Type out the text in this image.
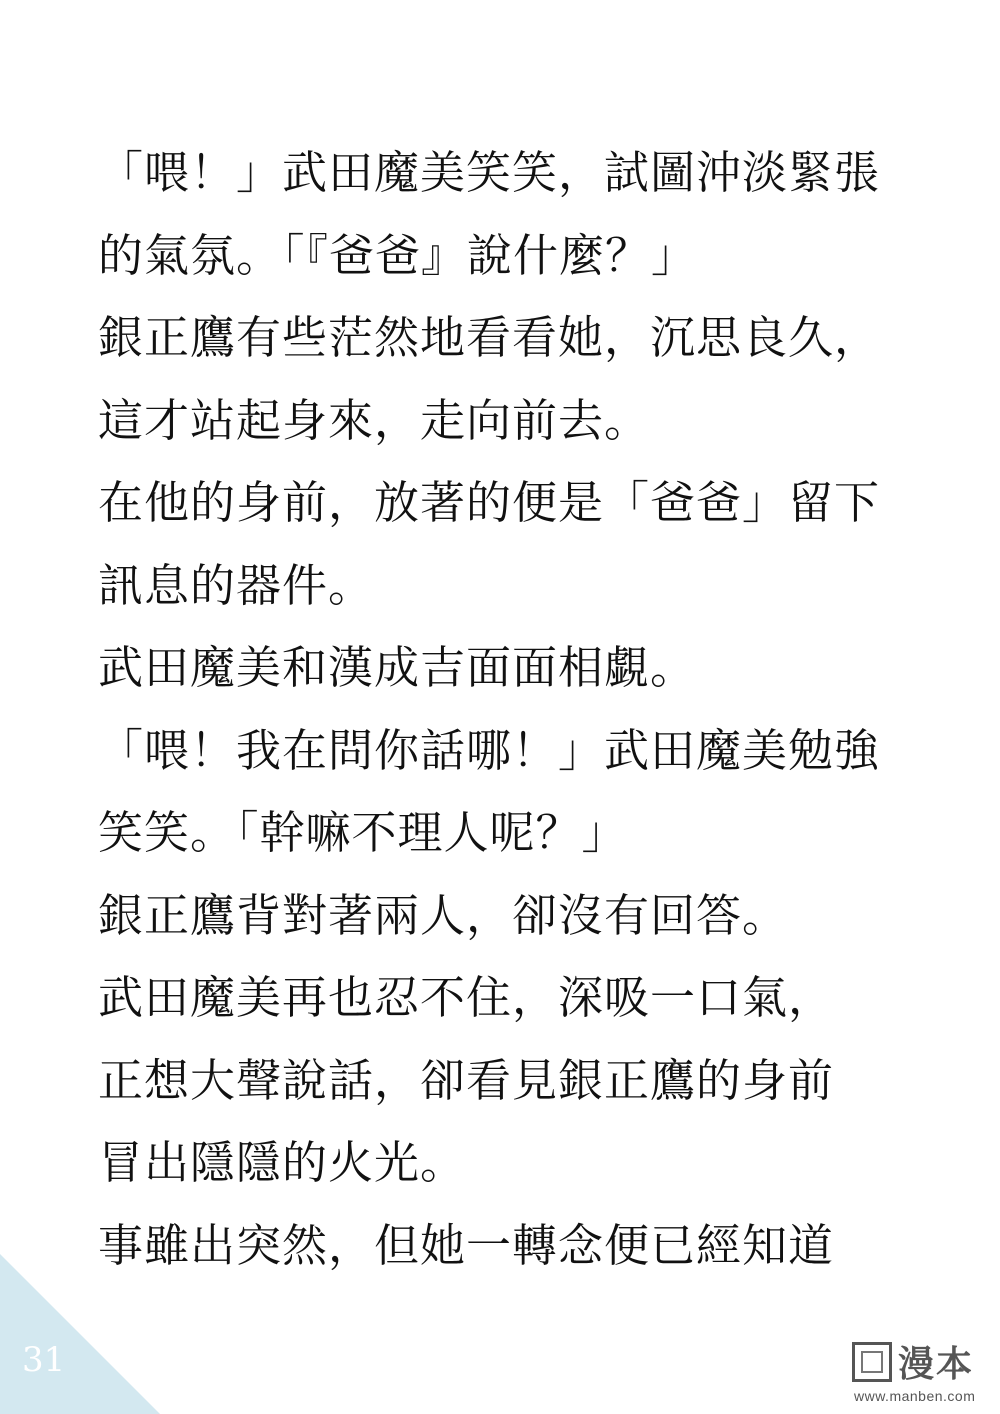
「喂！」武田魔美笑笑，試圖沖淡緊張
的氣氛。「『爸爸』說什麼？」
銀正鷹有些茫然地看看她，沉思良久，
這才站起身來，走向前去。
在他的身前，放著的便是「爸爸」留下
訊息的器件。
武田魔美和漢成吉面面相覷。
「喂！我在問你話哪！」武田魔美勉強
笑笑。「幹嘛不理人呢？」
銀正鷹背對著兩人，卻沒有回答。
武田魔美再也忍不住，深吸一口氣，
正想大聲說話，卻看見銀正鷹的身前
冒出隱隱的火光。
事雖出突然，但她一轉念便已經知道
31	漫本
www.manben.com
